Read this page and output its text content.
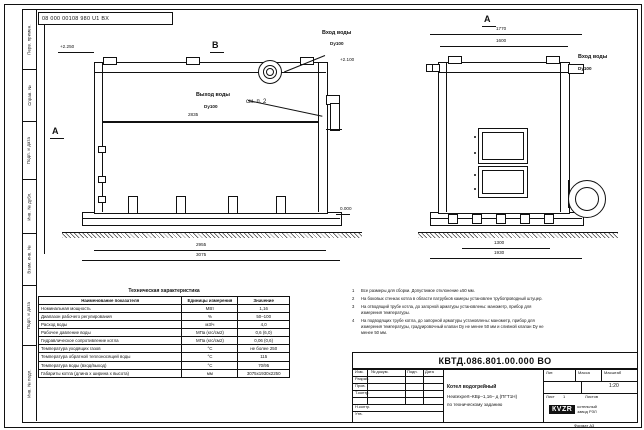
Перв. примен.
Справ. №
Подп. и дата
Инв. № дубл.
Взам. инв. №
Подп. и дата
Инв. № подл.
08 000 00108 980 U1 BX
+2.250
+2.100
0.000
В
А
Вход воды
Dy100
Выход воды
Dy100
см. п. 2
2835
2955
3075
А
Вход воды
Dy100
1770
1600
1300
1930
Техническая характеристика
Наименование показателя	Единицы измерения	Значение
Номинальная мощность	МВт	1,16
Диапазон рабочего регулирования	%	50–100
Расход воды	м3/ч	4,0
Рабочее давление воды	МПа (кгс/см2)	0,6 (6,0)
Гидравлическое сопротивление котла	МПа (кгс/см2)	0,06 (0,6)
Температура уходящих газов	°С	не более 250
Температура обратной теплоносящей воды	°С	115
Температура воды (вход/выход)	°С	70/95
Габариты котла (длина х ширина х высота)	мм	3075х1930х2250
1 Все размеры для сборки. Допустимое отклонение ±50 мм.
2 На боковых стенках котла в области патрубков камеры установлен трубопроводный штуцер.
3 На отводящий трубе котла, до загорной арматуры установлены: манометр, прибор для измерения температуры.
4 На подводящих трубе котла, до запорной арматуры установлены: манометр, прибор для измерения температуры, градуировочный клапан Dy не менее 50 мм и сливной клапан Dy не менее 50 мм.
КВТД.086.801.00.000 ВО
Изм. № докум.	Подп. Дата
Разраб.
Пров.
Т.контр.
Н.контр.
Утв.
Котел водогрейный
Heatexpert–КВр–1,16– д (ПГТ1Н)
по техническому заданию
Лит.	Масса	Масштаб
1:20
Лист 1	Листов
КVZR	котельный
завод РЗЛ
Формат A3
